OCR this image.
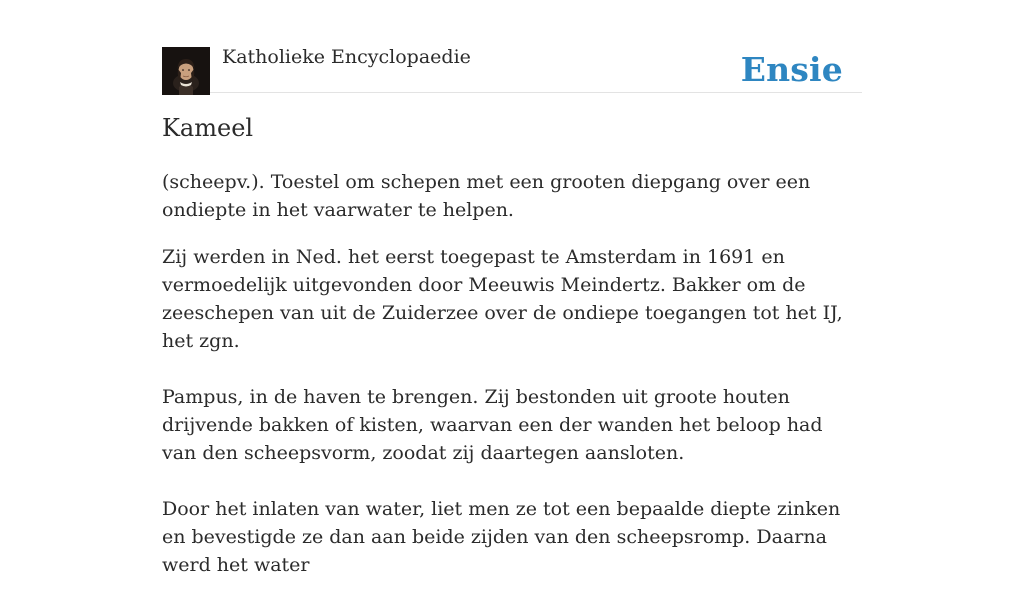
Katholieke Encyclopaedie	Ensie
Kameel

(scheepv.). Toestel om schepen met een grooten diepgang over een ondiepte in het vaarwater te helpen.

Zij werden in Ned. het eerst toegepast te Amsterdam in 1691 en vermoedelijk uitgevonden door Meeuwis Meindertz. Bakker om de zeeschepen van uit de Zuiderzee over de ondiepe toegangen tot het IJ, het zgn.

Pampus, in de haven te brengen. Zij bestonden uit groote houten drijvende bakken of kisten, waarvan een der wanden het beloop had van den scheepsvorm, zoodat zij daartegen aansloten.

Door het inlaten van water, liet men ze tot een bepaalde diepte zinken en bevestigde ze dan aan beide zijden van den scheepsromp. Daarna werd het water
